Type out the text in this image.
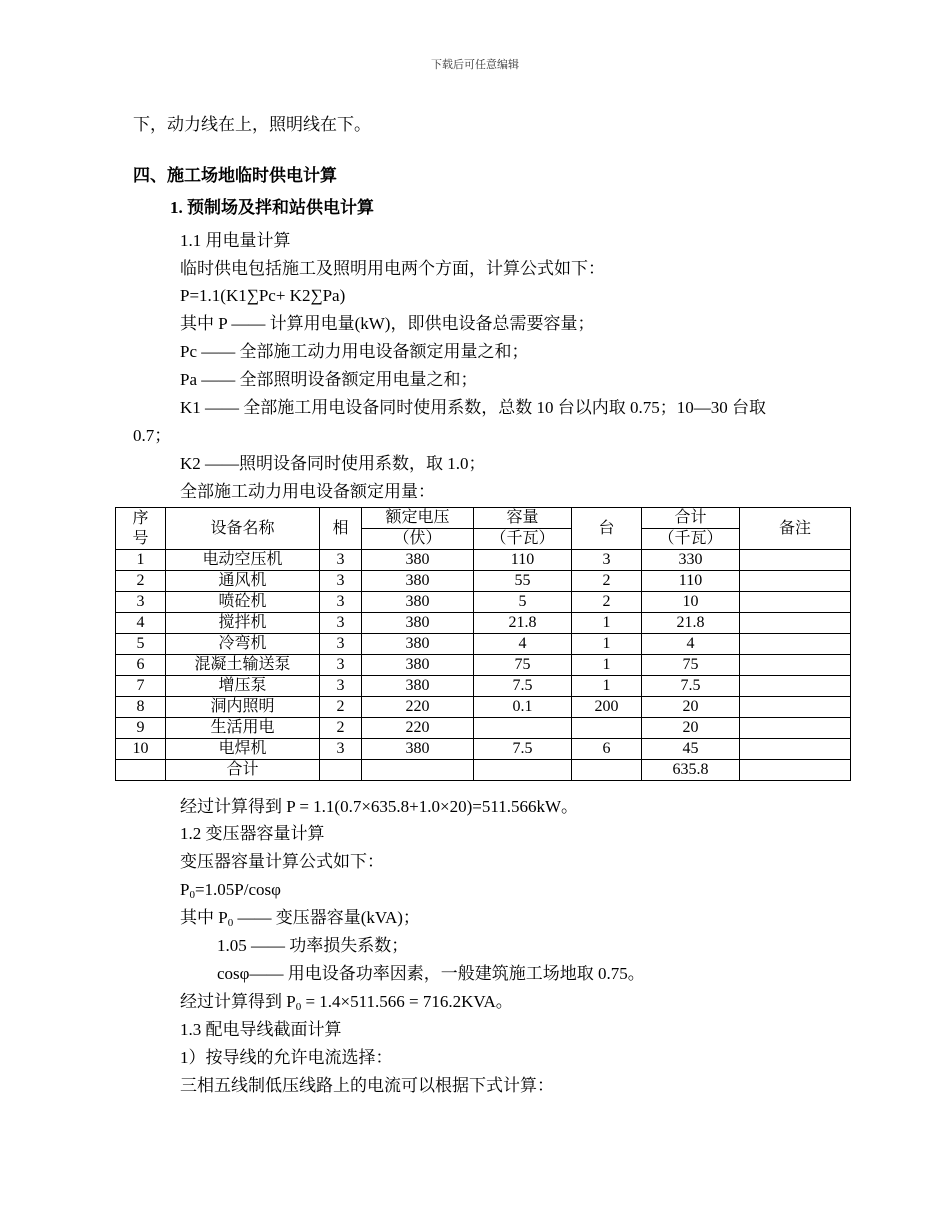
下载后可任意编辑
下，动力线在上，照明线在下。
四、施工场地临时供电计算
1. 预制场及拌和站供电计算
1.1 用电量计算
临时供电包括施工及照明用电两个方面，计算公式如下：
P=1.1(K1∑Pc+ K2∑Pa)
其中 P —— 计算用电量(kW)，即供电设备总需要容量；
Pc —— 全部施工动力用电设备额定用量之和；
Pa —— 全部照明设备额定用电量之和；
K1 —— 全部施工用电设备同时使用系数，总数 10 台以内取 0.75；10—30 台取
0.7；
K2 ——照明设备同时使用系数，取 1.0；
全部施工动力用电设备额定用量：
序
号	设备名称	相	额定电压	容量	台	合计	备注
			（伏）	（千瓦）		（千瓦）	
1	电动空压机	3	380	110	3	330	
2	通风机	3	380	55	2	110	
3	喷砼机	3	380	5	2	10	
4	搅拌机	3	380	21.8	1	21.8	
5	冷弯机	3	380	4	1	4	
6	混凝土输送泵	3	380	75	1	75	
7	增压泵	3	380	7.5	1	7.5	
8	洞内照明	2	220	0.1	200	20	
9	生活用电	2	220			20	
10	电焊机	3	380	7.5	6	45	
	合计					635.8	
经过计算得到 P = 1.1(0.7×635.8+1.0×20)=511.566kW。
1.2 变压器容量计算
变压器容量计算公式如下：
$P_0=1.05P$/cosφ
其中 $P_0$ —— 变压器容量(kVA)；
1.05 —— 功率损失系数；
cosφ—— 用电设备功率因素，一般建筑施工场地取 0.75。
经过计算得到 $P_0 = 1.4\times 511.566 = 716.2KVA$。
1.3 配电导线截面计算
1）按导线的允许电流选择：
三相五线制低压线路上的电流可以根据下式计算：
